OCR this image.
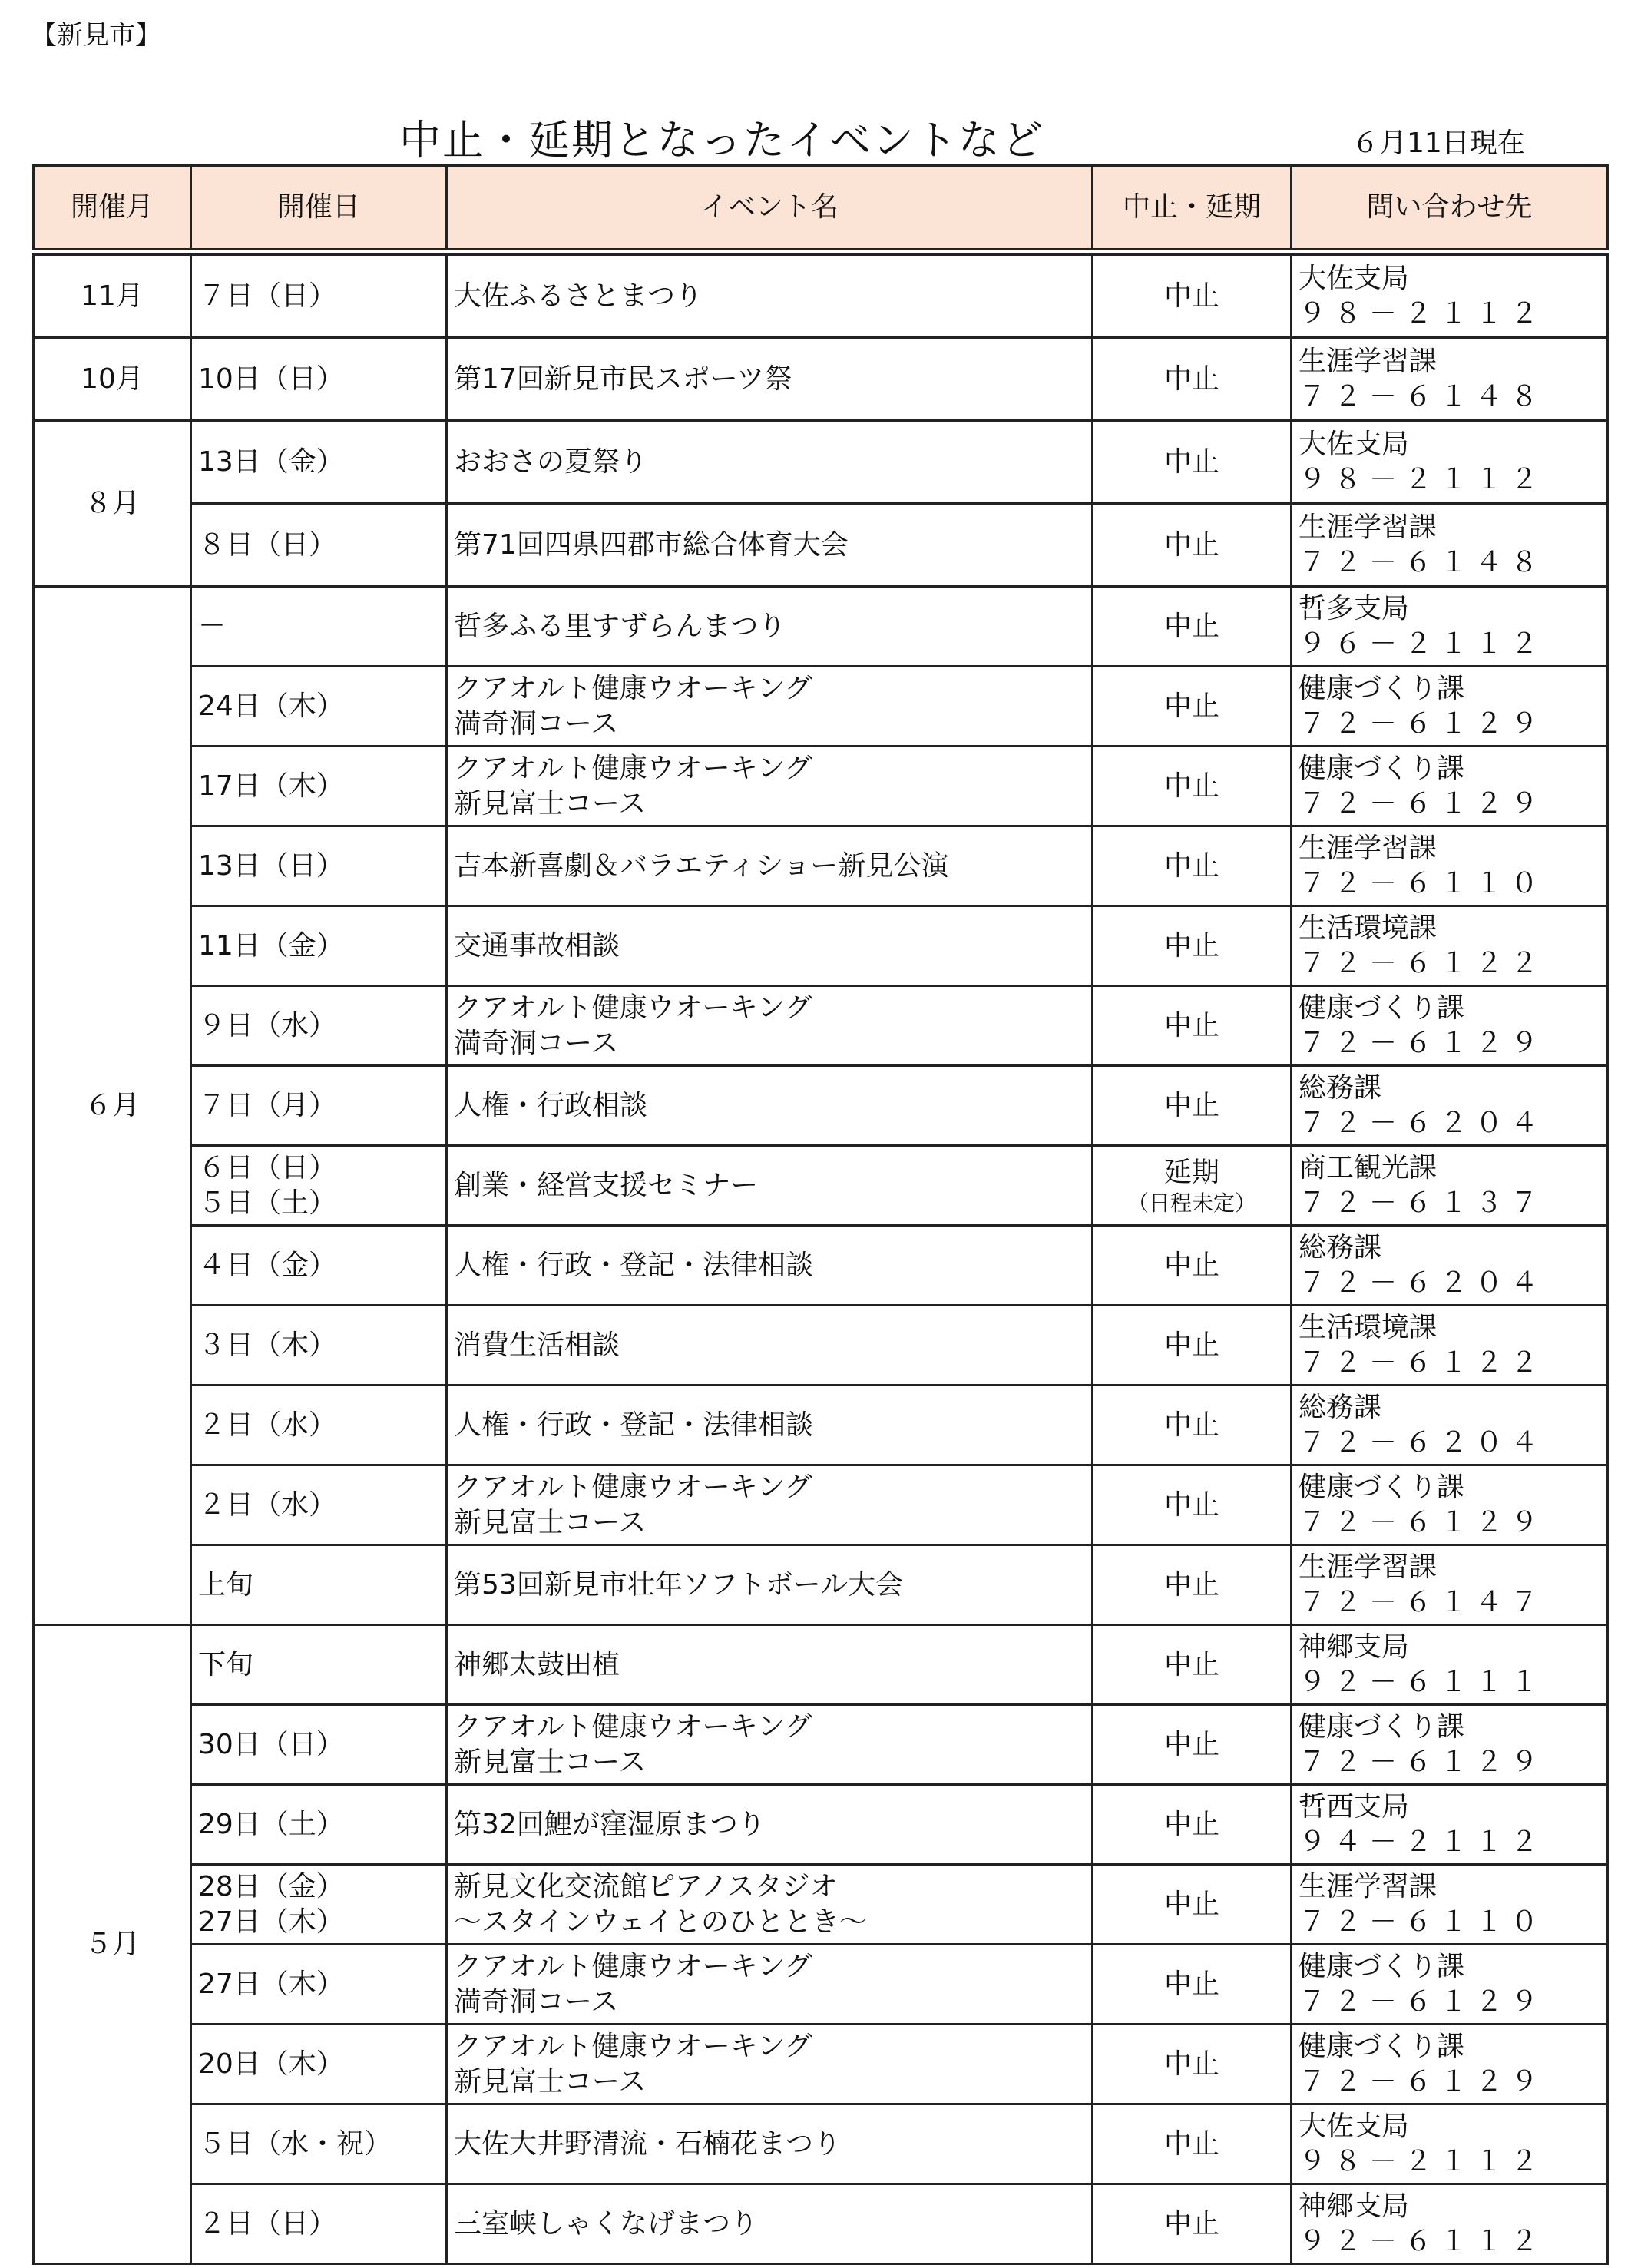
【新見市】
中止・延期となったイベントなど	６月11日現在
開催月	開催日	イベント名	中止・延期	問い合わせ先

11月	７日（日）	大佐ふるさとまつり	中止	大佐支局
９８－２１１２

10月	10日（日）	第17回新見市民スポーツ祭	中止	生涯学習課
７２－６１４８

８月	13日（金）	おおさの夏祭り	中止	大佐支局
９８－２１１２

	８日（日）	第71回四県四郡市総合体育大会	中止	生涯学習課
７２－６１４８

６月	－	哲多ふる里すずらんまつり	中止	哲多支局
９６－２１１２

	24日（木）	クアオルト健康ウオーキング
満奇洞コース	中止	健康づくり課
７２－６１２９

	17日（木）	クアオルト健康ウオーキング
新見富士コース	中止	健康づくり課
７２－６１２９

	13日（日）	吉本新喜劇＆バラエティショー新見公演	中止	生涯学習課
７２－６１１０

	11日（金）	交通事故相談	中止	生活環境課
７２－６１２２

	９日（水）	クアオルト健康ウオーキング
満奇洞コース	中止	健康づくり課
７２－６１２９

	７日（月）	人権・行政相談	中止	総務課
７２－６２０４

	６日（日）
５日（土）	創業・経営支援セミナー	延期
（日程未定）	商工観光課
７２－６１３７

	４日（金）	人権・行政・登記・法律相談	中止	総務課
７２－６２０４

	３日（木）	消費生活相談	中止	生活環境課
７２－６１２２

	２日（水）	人権・行政・登記・法律相談	中止	総務課
７２－６２０４

	２日（水）	クアオルト健康ウオーキング
新見富士コース	中止	健康づくり課
７２－６１２９

	上旬	第53回新見市壮年ソフトボール大会	中止	生涯学習課
７２－６１４７

５月	下旬	神郷太鼓田植	中止	神郷支局
９２－６１１１

	30日（日）	クアオルト健康ウオーキング
新見富士コース	中止	健康づくり課
７２－６１２９

	29日（土）	第32回鯉が窪湿原まつり	中止	哲西支局
９４－２１１２

	28日（金）
27日（木）	新見文化交流館ピアノスタジオ
～スタインウェイとのひととき～	中止	生涯学習課
７２－６１１０

	27日（木）	クアオルト健康ウオーキング
満奇洞コース	中止	健康づくり課
７２－６１２９

	20日（木）	クアオルト健康ウオーキング
新見富士コース	中止	健康づくり課
７２－６１２９

	５日（水・祝）	大佐大井野清流・石楠花まつり	中止	大佐支局
９８－２１１２

	２日（日）	三室峡しゃくなげまつり	中止	神郷支局
９２－６１１２
